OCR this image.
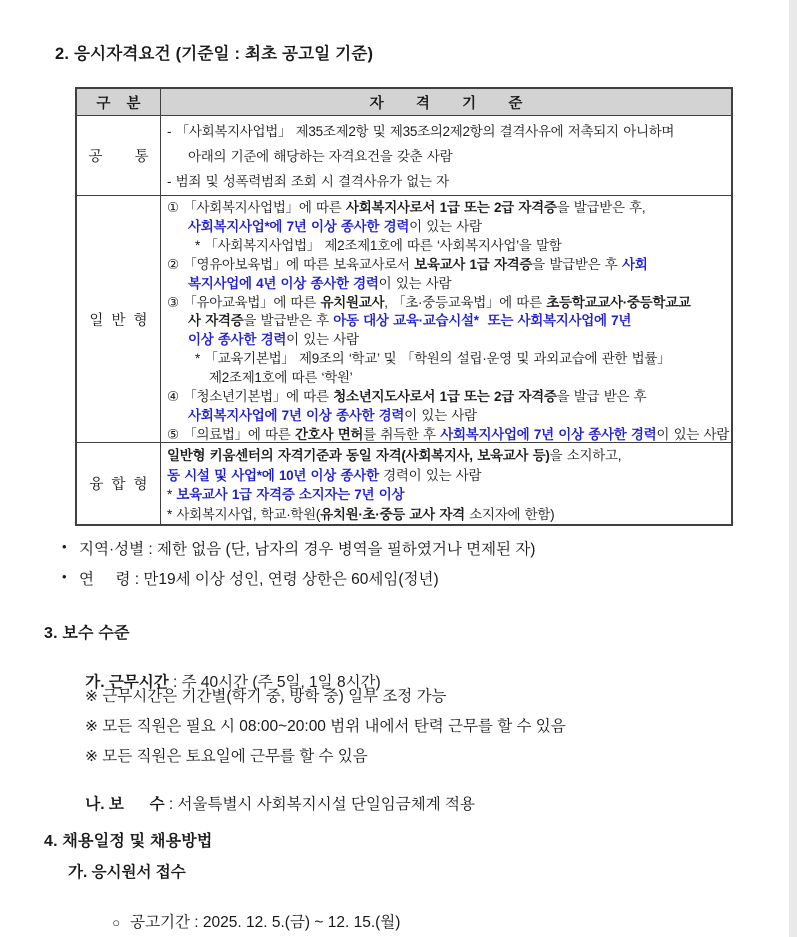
2. 응시자격요건 (기준일 : 최초 공고일 기준)
구    분	자        격        기        준
공        통
- 「사회복지사업법」 제35조제2항 및 제35조의2제2항의 결격사유에 저촉되지 아니하며
아래의 기준에 해당하는 자격요건을 갖춘 사람
- 범죄 및 성폭력범죄 조회 시 결격사유가 없는 자
일  반  형
① 「사회복지사업법」에 따른 사회복지사로서 1급 또는 2급 자격증을 발급받은 후,
사회복지사업*에 7년 이상 종사한 경력이 있는 사람
* 「사회복지사업법」 제2조제1호에 따른 ‘사회복지사업’을 말함
② 「영유아보육법」에 따른 보육교사로서 보육교사 1급 자격증을 발급받은 후 사회
복지사업에 4년 이상 종사한 경력이 있는 사람
③ 「유아교육법」에 따른 유치원교사, 「초·중등교육법」에 따른 초등학교교사·중등학교교
사 자격증을 발급받은 후 아동 대상 교육·교습시설*  또는 사회복지사업에 7년
이상 종사한 경력이 있는 사람
* 「교육기본법」 제9조의 ‘학교’ 및 「학원의 설립·운영 및 과외교습에 관한 법률」
제2조제1호에 따른 ‘학원’
④ 「청소년기본법」에 따른 청소년지도사로서 1급 또는 2급 자격증을 발급 받은 후
사회복지사업에 7년 이상 종사한 경력이 있는 사람
⑤ 「의료법」에 따른 간호사 면허를 취득한 후 사회복지사업에 7년 이상 종사한 경력이 있는 사람
융  합  형
일반형 키움센터의 자격기준과 동일 자격(사회복지사, 보육교사 등)을 소지하고,
동 시설 및 사업*에 10년 이상 종사한 경력이 있는 사람
* 보육교사 1급 자격증 소지자는 7년 이상
* 사회복지사업, 학교·학원(유치원·초·중등 교사 자격 소지자에 한함)
• 지역·성별 : 제한 없음 (단, 남자의 경우 병역을 필하였거나 면제된 자)
• 연     령 : 만19세 이상 성인, 연령 상한은 60세임(정년)
3. 보수 수준

가. 근무시간 : 주 40시간 (주 5일, 1일 8시간)

※ 근무시간은 기간별(학기 중, 방학 중) 일부 조정 가능
※ 모든 직원은 필요 시 08:00~20:00 범위 내에서 탄력 근무를 할 수 있음
※ 모든 직원은 토요일에 근무를 할 수 있음

나. 보      수 : 서울특별시 사회복지시설 단일임금체계 적용

4. 채용일정 및 채용방법
가. 응시원서 접수

○ 공고기간 : 2025. 12. 5.(금) ~ 12. 15.(월)
